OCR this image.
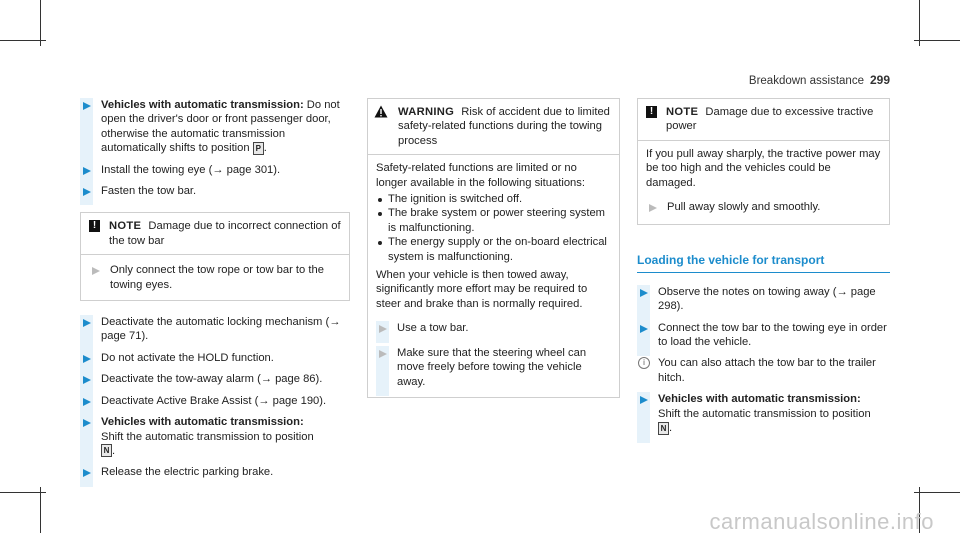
Breakdown assistance 299
Vehicles with automatic transmission: Do not open the driver's door or front passenger door, otherwise the automatic transmission automatically shifts to position P .
Install the towing eye (→ page 301).
Fasten the tow bar.
!	NOTE Damage due to incorrect connection of the tow bar
Only connect the tow rope or tow bar to the towing eyes.
Deactivate the automatic locking mechanism (→ page 71).
Do not activate the HOLD function.
Deactivate the tow-away alarm (→ page 86).
Deactivate Active Brake Assist (→ page 190).
Vehicles with automatic transmission:
Shift the automatic transmission to position
N .
Release the electric parking brake.
WARNING Risk of accident due to limited safety-related functions during the towing process
Safety-related functions are limited or no longer available in the following situations:
The ignition is switched off.
The brake system or power steering system is malfunctioning.
The energy supply or the on-board electrical system is malfunctioning.
When your vehicle is then towed away, significantly more effort may be required to steer and brake than is normally required.
Use a tow bar.
Make sure that the steering wheel can move freely before towing the vehicle away.
!	NOTE Damage due to excessive tractive power
If you pull away sharply, the tractive power may be too high and the vehicles could be damaged.
Pull away slowly and smoothly.
Loading the vehicle for transport
Observe the notes on towing away (→ page 298).
Connect the tow bar to the towing eye in order to load the vehicle.
i	You can also attach the tow bar to the trailer hitch.
Vehicles with automatic transmission:
Shift the automatic transmission to position
N .
carmanualsonline.info
